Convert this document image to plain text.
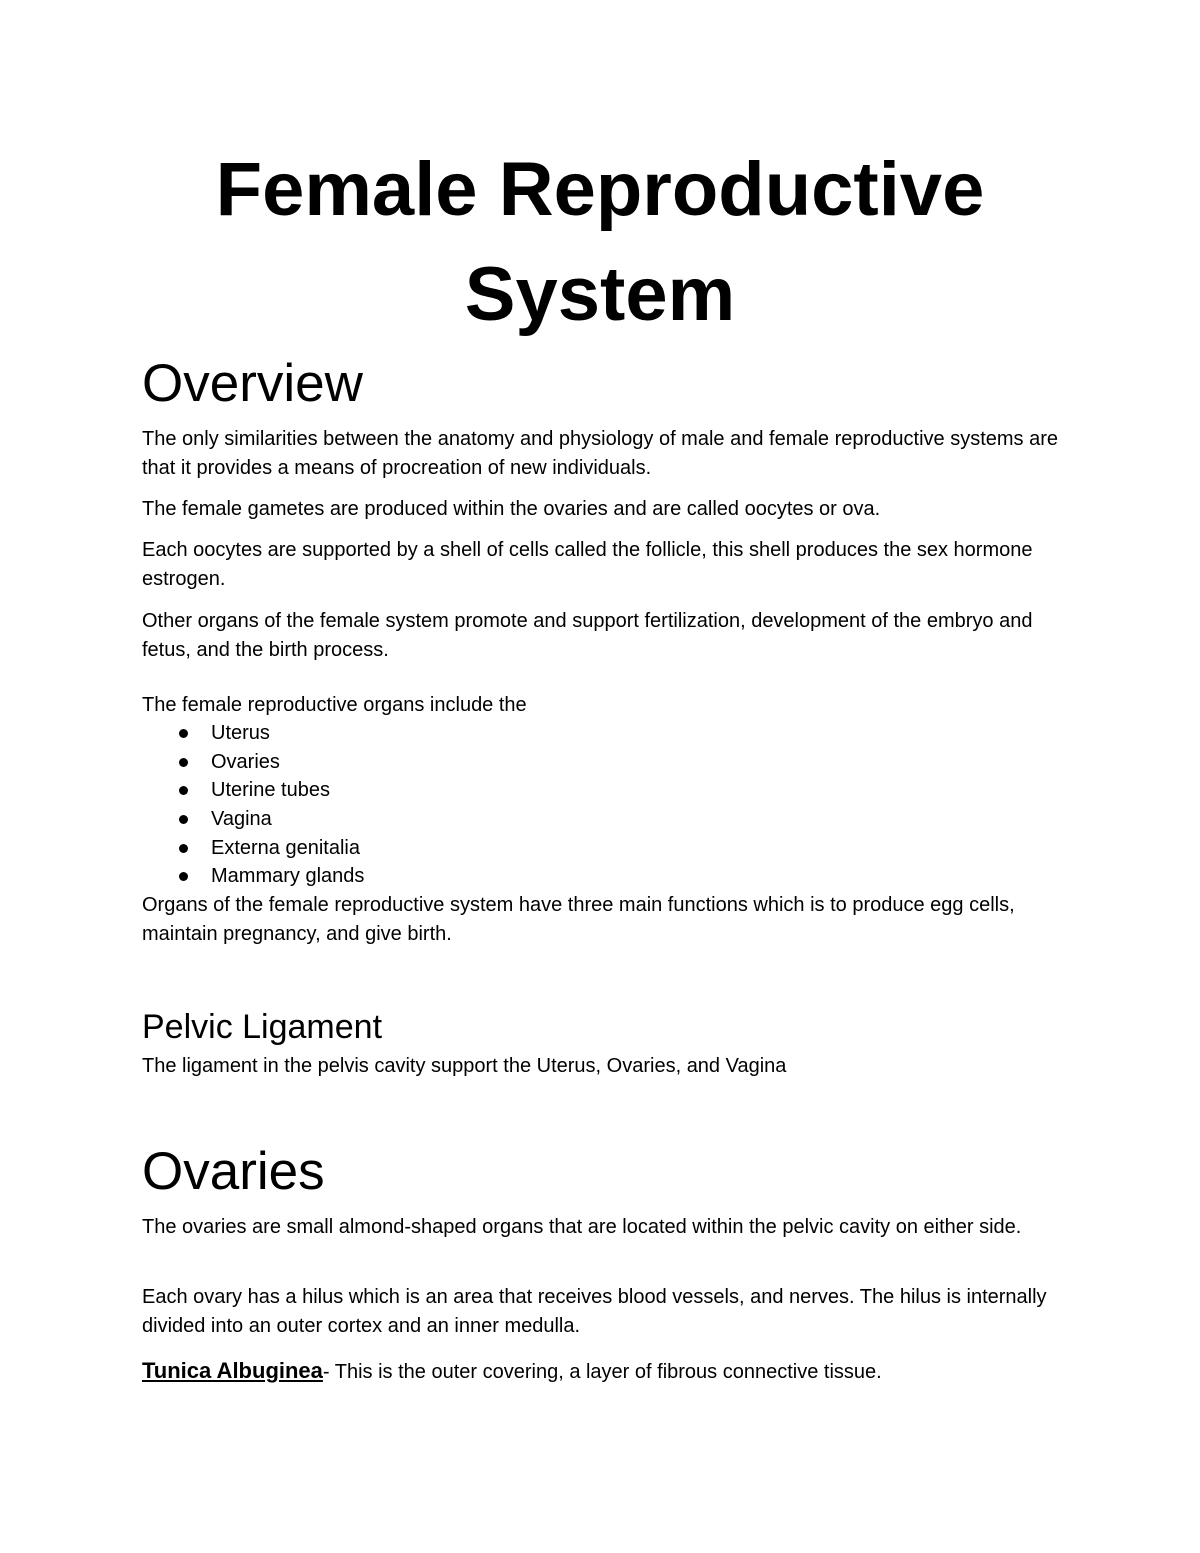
Female Reproductive
System
Overview

The only similarities between the anatomy and physiology of male and female reproductive systems are that it provides a means of procreation of new individuals.

The female gametes are produced within the ovaries and are called oocytes or ova.

Each oocytes are supported by a shell of cells called the follicle, this shell produces the sex hormone estrogen.

Other organs of the female system promote and support fertilization, development of the embryo and fetus, and the birth process.

The female reproductive organs include the

Uterus
Ovaries
Uterine tubes
Vagina
Externa genitalia
Mammary glands

Organs of the female reproductive system have three main functions which is to produce egg cells, maintain pregnancy, and give birth.

Pelvic Ligament

The ligament in the pelvis cavity support the Uterus, Ovaries, and Vagina

Ovaries

The ovaries are small almond-shaped organs that are located within the pelvic cavity on either side.

Each ovary has a hilus which is an area that receives blood vessels, and nerves. The hilus is internally divided into an outer cortex and an inner medulla.

Tunica Albuginea- This is the outer covering, a layer of fibrous connective tissue.
